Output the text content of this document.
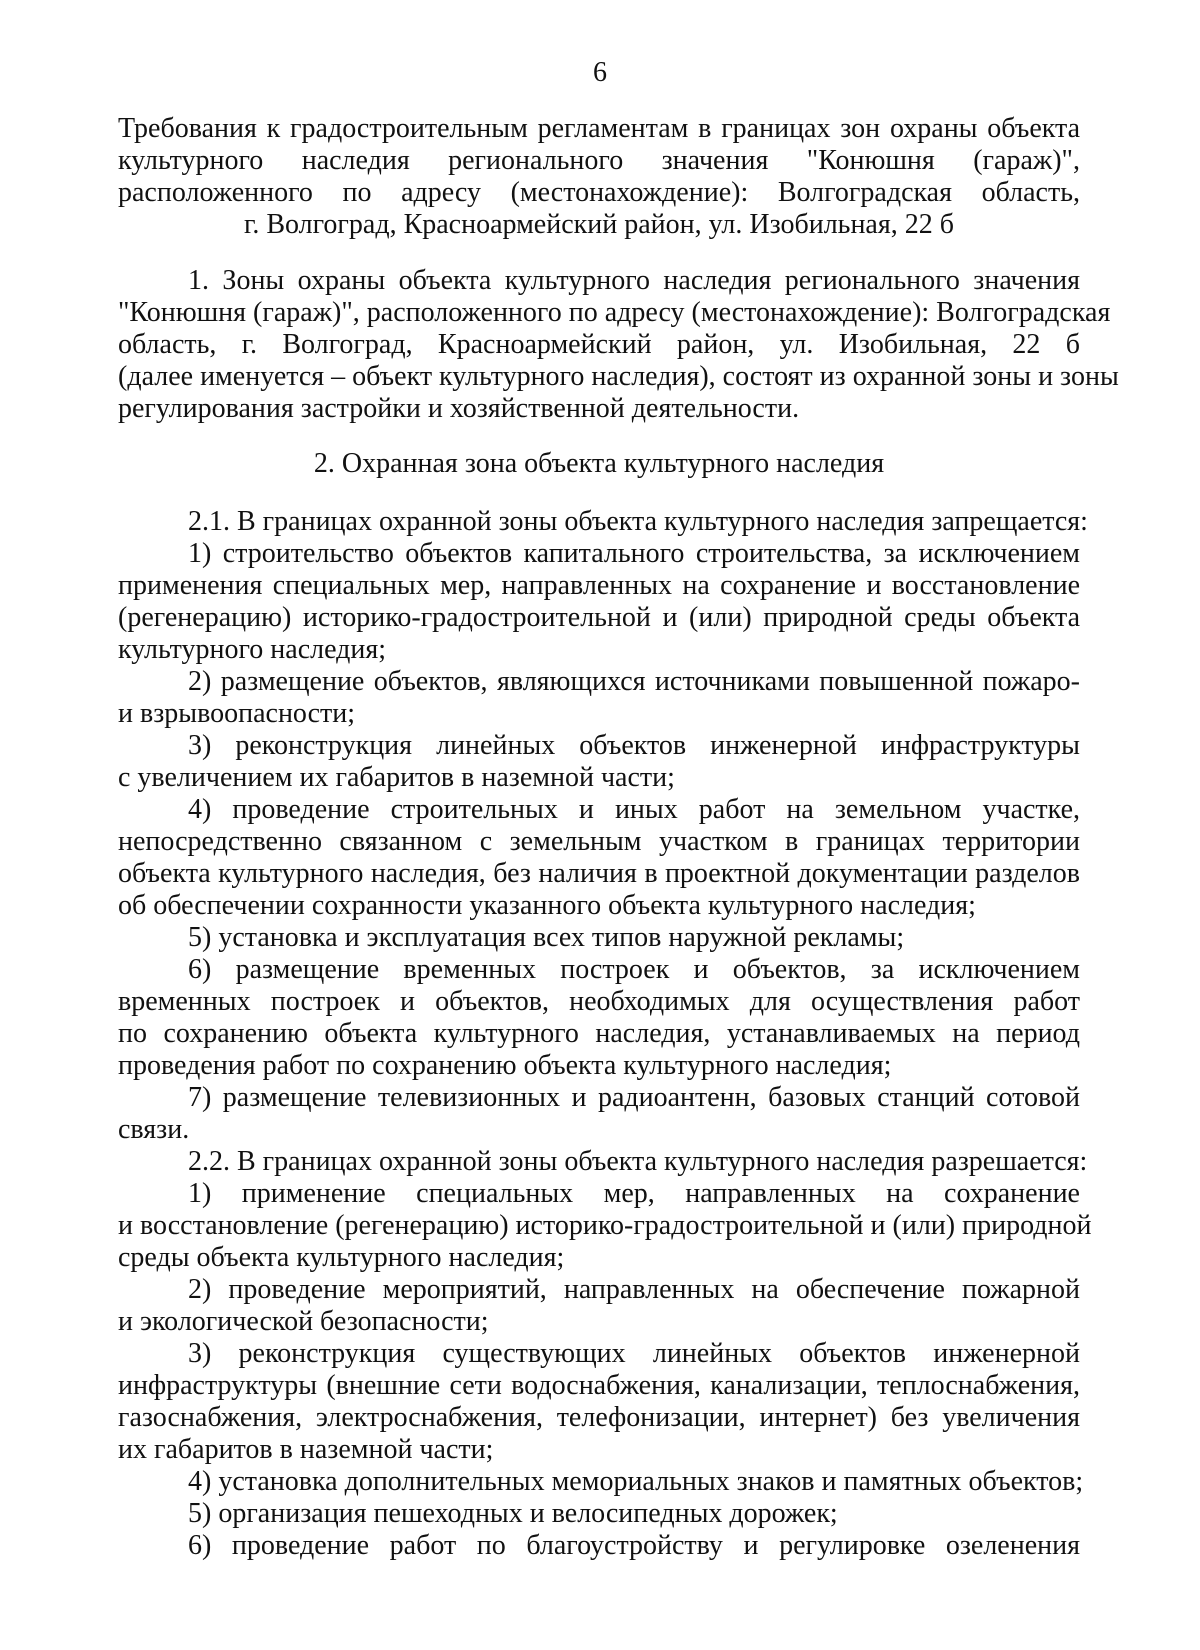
6
Требования к градостроительным регламентам в границах зон охраны объекта
культурного наследия регионального значения "Конюшня (гараж)",
расположенного по адресу (местонахождение): Волгоградская область,
г. Волгоград, Красноармейский район, ул. Изобильная, 22 б
1. Зоны охраны объекта культурного наследия регионального значения
"Конюшня (гараж)", расположенного по адресу (местонахождение): Волгоградская
область, г. Волгоград, Красноармейский район, ул. Изобильная, 22 б
(далее именуется – объект культурного наследия), состоят из охранной зоны и зоны
регулирования застройки и хозяйственной деятельности.
2. Охранная зона объекта культурного наследия
2.1. В границах охранной зоны объекта культурного наследия запрещается:
1) строительство объектов капитального строительства, за исключением
применения специальных мер, направленных на сохранение и восстановление
(регенерацию) историко-градостроительной и (или) природной среды объекта
культурного наследия;
2) размещение объектов, являющихся источниками повышенной пожаро-
и взрывоопасности;
3) реконструкция линейных объектов инженерной инфраструктуры
с увеличением их габаритов в наземной части;
4) проведение строительных и иных работ на земельном участке,
непосредственно связанном с земельным участком в границах территории
объекта культурного наследия, без наличия в проектной документации разделов
об обеспечении сохранности указанного объекта культурного наследия;
5) установка и эксплуатация всех типов наружной рекламы;
6) размещение временных построек и объектов, за исключением
временных построек и объектов, необходимых для осуществления работ
по сохранению объекта культурного наследия, устанавливаемых на период
проведения работ по сохранению объекта культурного наследия;
7) размещение телевизионных и радиоантенн, базовых станций сотовой
связи.
2.2. В границах охранной зоны объекта культурного наследия разрешается:
1) применение специальных мер, направленных на сохранение
и восстановление (регенерацию) историко-градостроительной и (или) природной
среды объекта культурного наследия;
2) проведение мероприятий, направленных на обеспечение пожарной
и экологической безопасности;
3) реконструкция существующих линейных объектов инженерной
инфраструктуры (внешние сети водоснабжения, канализации, теплоснабжения,
газоснабжения, электроснабжения, телефонизации, интернет) без увеличения
их габаритов в наземной части;
4) установка дополнительных мемориальных знаков и памятных объектов;
5) организация пешеходных и велосипедных дорожек;
6) проведение работ по благоустройству и регулировке озеленения
